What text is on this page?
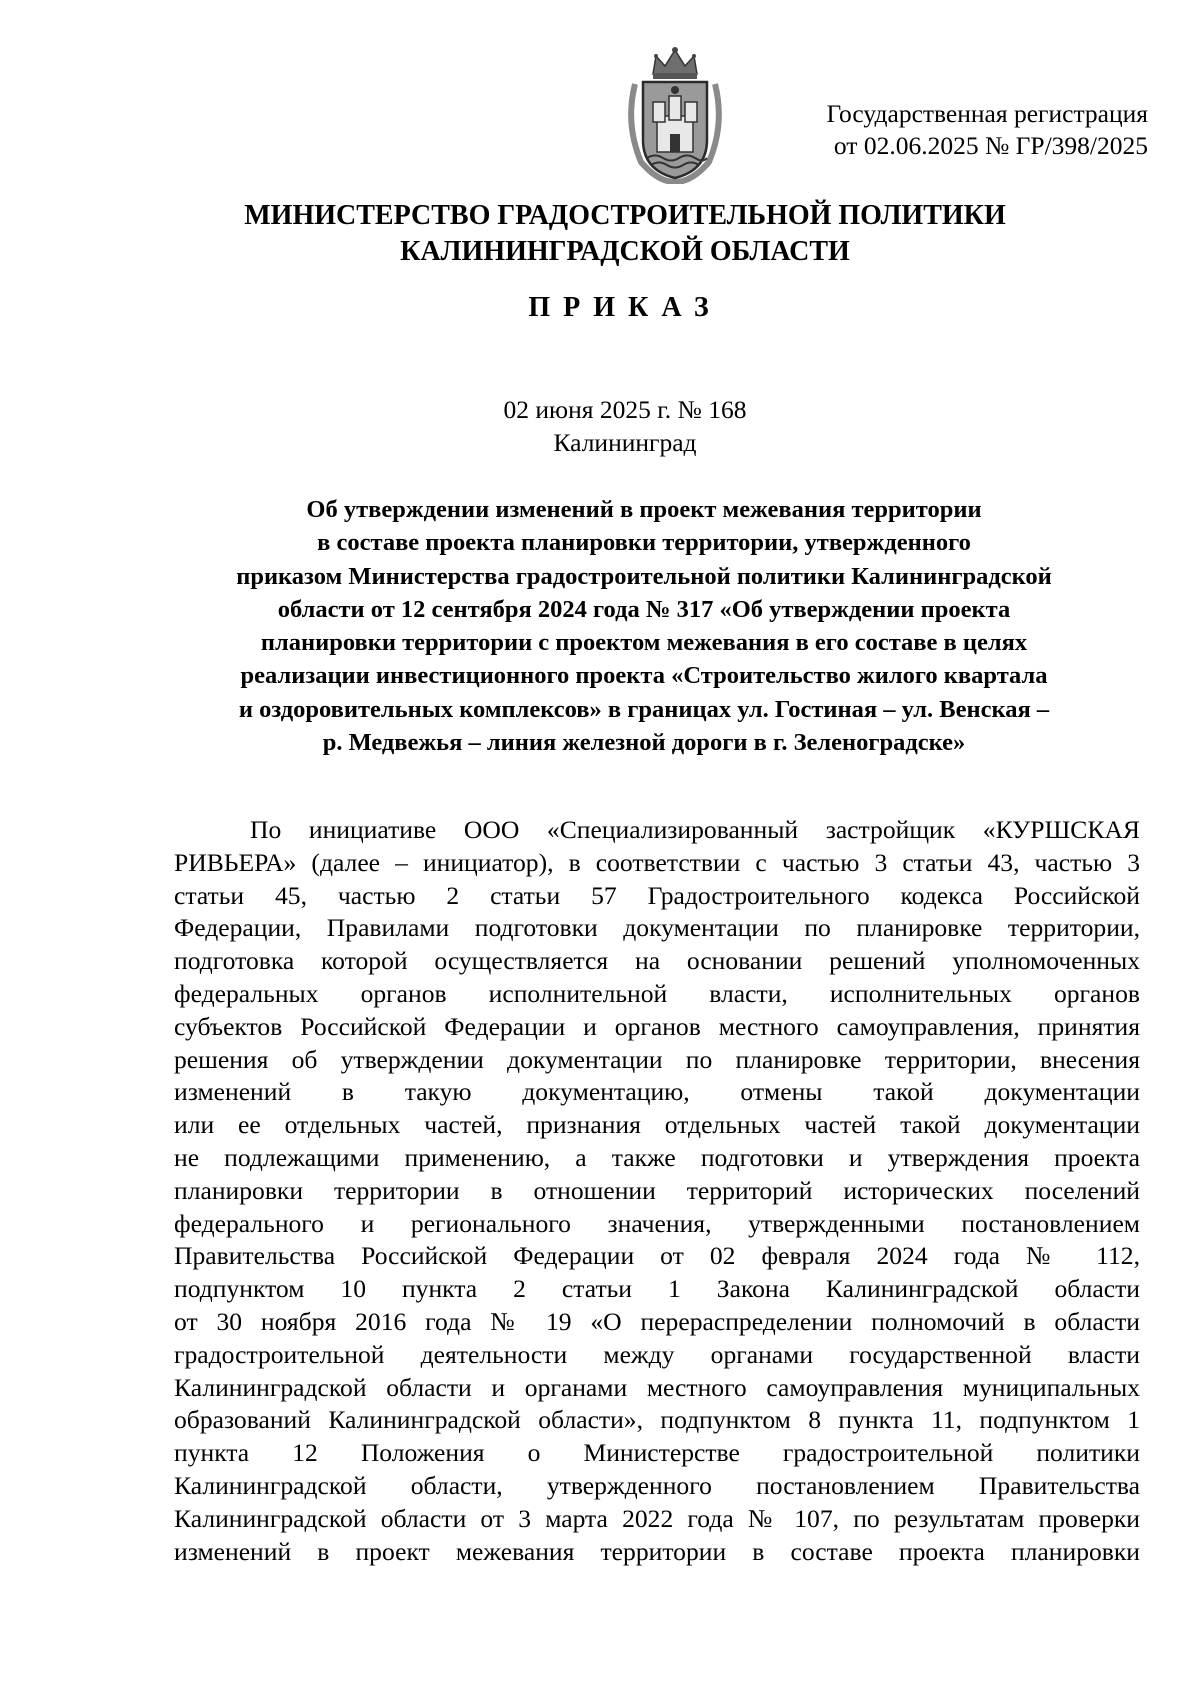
Государственная регистрация
от 02.06.2025 № ГР/398/2025
МИНИСТЕРСТВО ГРАДОСТРОИТЕЛЬНОЙ ПОЛИТИКИ
КАЛИНИНГРАДСКОЙ ОБЛАСТИ
ПРИКАЗ
02 июня 2025 г. № 168
Калининград
Об утверждении изменений в проект межевания территории
в составе проекта планировки территории, утвержденного
приказом Министерства градостроительной политики Калининградской
области от 12 сентября 2024 года № 317 «Об утверждении проекта
планировки территории с проектом межевания в его составе в целях
реализации инвестиционного проекта «Строительство жилого квартала
и оздоровительных комплексов» в границах ул. Гостиная – ул. Венская –
р. Медвежья – линия железной дороги в г. Зеленоградске»
По инициативе ООО «Специализированный застройщик «КУРШСКАЯ
РИВЬЕРА» (далее – инициатор), в соответствии с частью 3 статьи 43, частью 3
статьи 45, частью 2 статьи 57 Градостроительного кодекса Российской
Федерации, Правилами подготовки документации по планировке территории,
подготовка которой осуществляется на основании решений уполномоченных
федеральных органов исполнительной власти, исполнительных органов
субъектов Российской Федерации и органов местного самоуправления, принятия
решения об утверждении документации по планировке территории, внесения
изменений в такую документацию, отмены такой документации
или ее отдельных частей, признания отдельных частей такой документации
не подлежащими применению, а также подготовки и утверждения проекта
планировки территории в отношении территорий исторических поселений
федерального и регионального значения, утвержденными постановлением
Правительства Российской Федерации от 02 февраля 2024 года № 112,
подпунктом 10 пункта 2 статьи 1 Закона Калининградской области
от 30 ноября 2016 года № 19 «О перераспределении полномочий в области
градостроительной деятельности между органами государственной власти
Калининградской области и органами местного самоуправления муниципальных
образований Калининградской области», подпунктом 8 пункта 11, подпунктом 1
пункта 12 Положения о Министерстве градостроительной политики
Калининградской области, утвержденного постановлением Правительства
Калининградской области от 3 марта 2022 года № 107, по результатам проверки
изменений в проект межевания территории в составе проекта планировки
